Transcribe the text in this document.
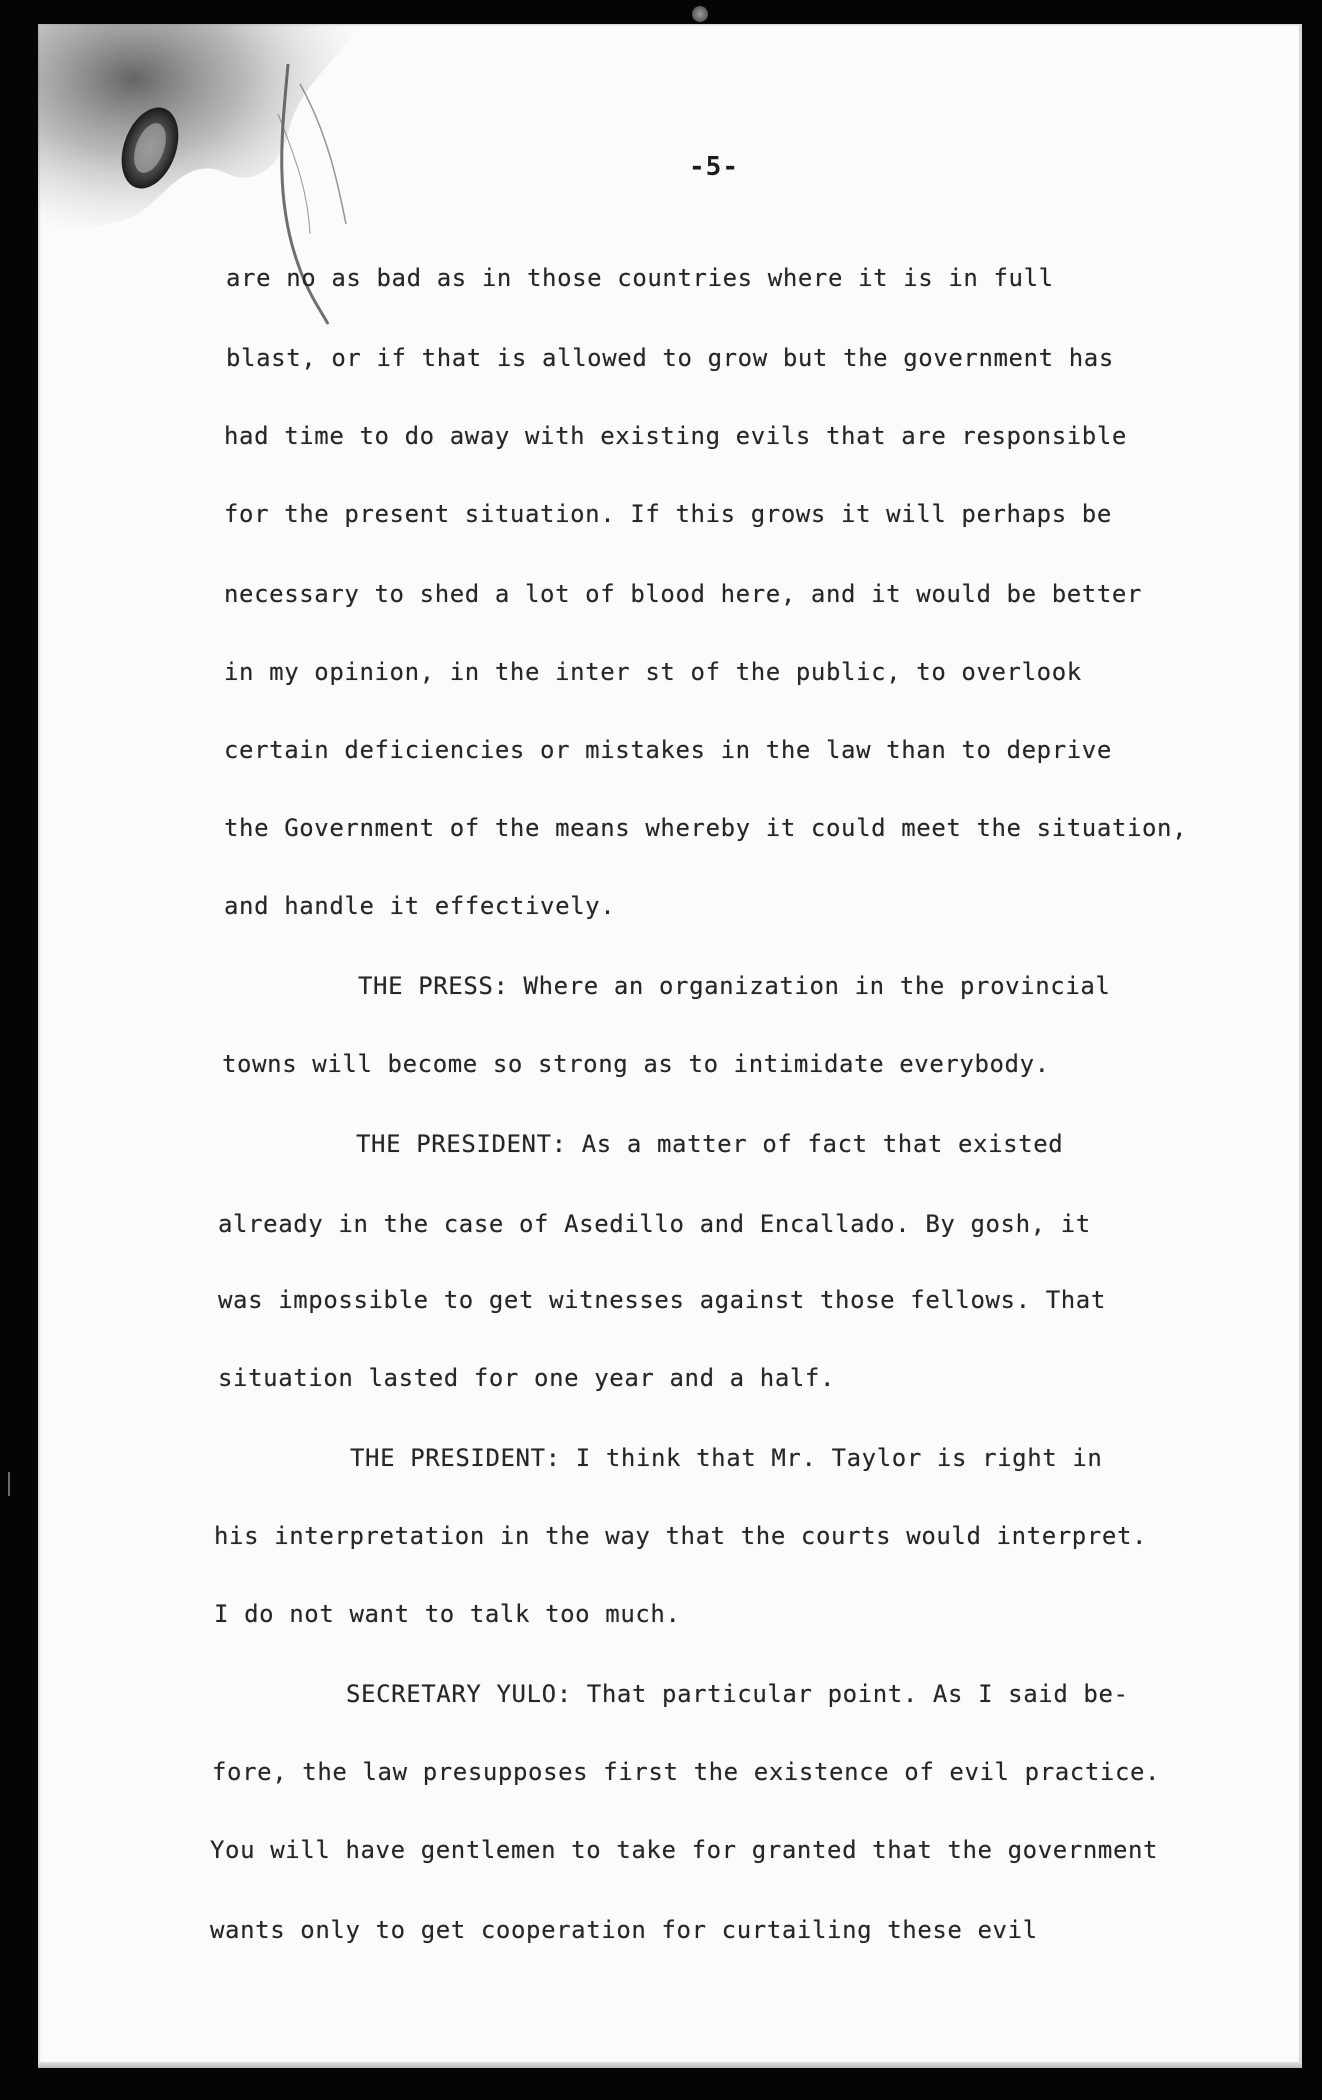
-5-
are no as bad as in those countries where it is in full
blast, or if that is allowed to grow but the government has
had time to do away with existing evils that are responsible
for the present situation. If this grows it will perhaps be
necessary to shed a lot of blood here, and it would be better
in my opinion, in the inter st of the public, to overlook
certain deficiencies or mistakes in the law than to deprive
the Government of the means whereby it could meet the situation,
and handle it effectively.
THE PRESS: Where an organization in the provincial
towns will become so strong as to intimidate everybody.
THE PRESIDENT: As a matter of fact that existed
already in the case of Asedillo and Encallado. By gosh, it
was impossible to get witnesses against those fellows. That
situation lasted for one year and a half.
THE PRESIDENT: I think that Mr. Taylor is right in
his interpretation in the way that the courts would interpret.
I do not want to talk too much.
SECRETARY YULO: That particular point. As I said be-
fore, the law presupposes first the existence of evil practice.
You will have gentlemen to take for granted that the government
wants only to get cooperation for curtailing these evil
